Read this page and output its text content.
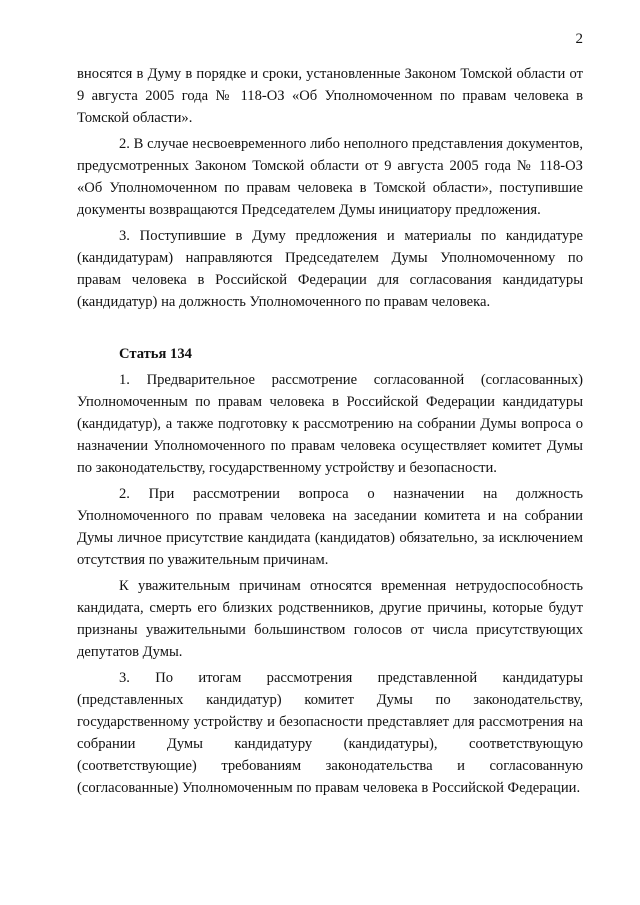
2

вносятся в Думу в порядке и сроки, установленные Законом Томской области от 9 августа 2005 года № 118-ОЗ «Об Уполномоченном по правам человека в Томской области».

2. В случае несвоевременного либо неполного представления документов, предусмотренных Законом Томской области от 9 августа 2005 года № 118-ОЗ «Об Уполномоченном по правам человека в Томской области», поступившие документы возвращаются Председателем Думы инициатору предложения.

3. Поступившие в Думу предложения и материалы по кандидатуре (кандидатурам) направляются Председателем Думы Уполномоченному по правам человека в Российской Федерации для согласования кандидатуры (кандидатур) на должность Уполномоченного по правам человека.

Статья 134

1. Предварительное рассмотрение согласованной (согласованных) Уполномоченным по правам человека в Российской Федерации кандидатуры (кандидатур), а также подготовку к рассмотрению на собрании Думы вопроса о назначении Уполномоченного по правам человека осуществляет комитет Думы по законодательству, государственному устройству и безопасности.

2. При рассмотрении вопроса о назначении на должность Уполномоченного по правам человека на заседании комитета и на собрании Думы личное присутствие кандидата (кандидатов) обязательно, за исключением отсутствия по уважительным причинам.

К уважительным причинам относятся временная нетрудоспособность кандидата, смерть его близких родственников, другие причины, которые будут признаны уважительными большинством голосов от числа присутствующих депутатов Думы.

3. По итогам рассмотрения представленной кандидатуры (представленных кандидатур) комитет Думы по законодательству, государственному устройству и безопасности представляет для рассмотрения на собрании Думы кандидатуру (кандидатуры), соответствующую (соответствующие) требованиям законодательства и согласованную (согласованные) Уполномоченным по правам человека в Российской Федерации.
